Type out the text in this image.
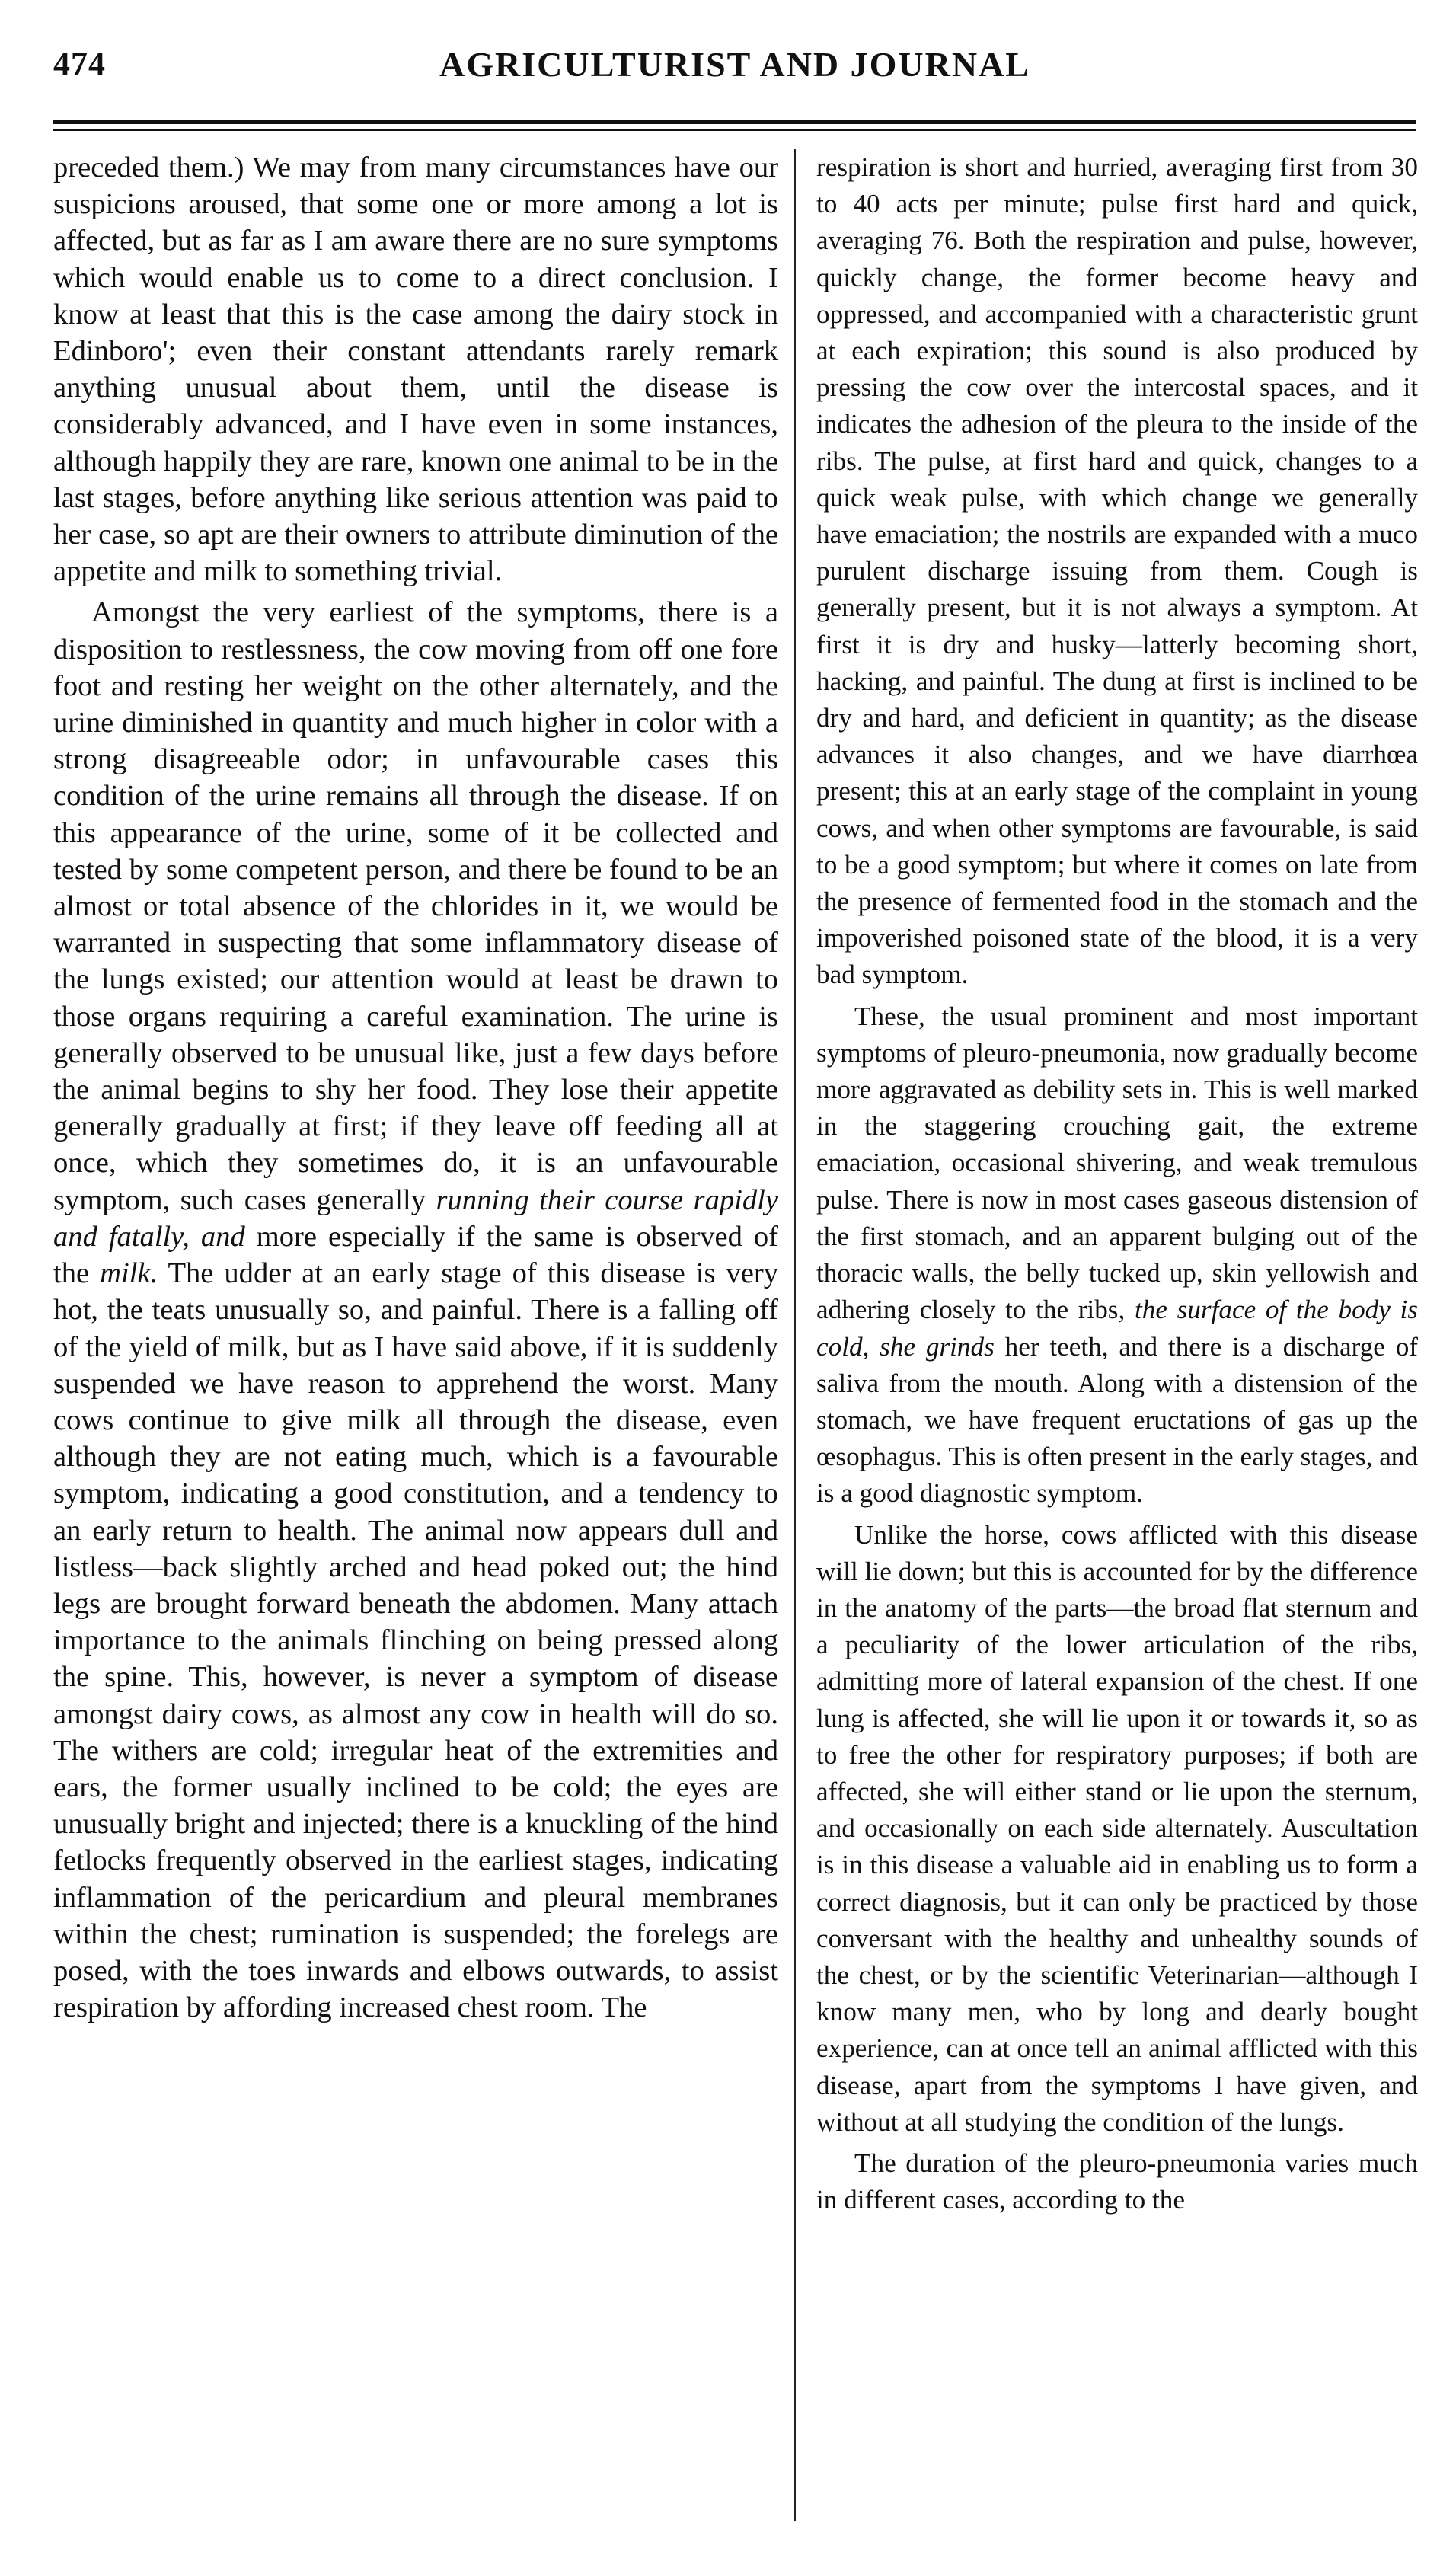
474	AGRICULTURIST AND JOURNAL

preceded them.) We may from many circumstances have our suspicions aroused, that some one or more among a lot is affected, but as far as I am aware there are no sure symptoms which would enable us to come to a direct conclusion. I know at least that this is the case among the dairy stock in Edinboro'; even their constant attendants rarely remark anything unusual about them, until the disease is considerably advanced, and I have even in some instances, although happily they are rare, known one animal to be in the last stages, before anything like serious attention was paid to her case, so apt are their owners to attribute diminution of the appetite and milk to something trivial.

Amongst the very earliest of the symptoms, there is a disposition to restlessness, the cow moving from off one fore foot and resting her weight on the other alternately, and the urine diminished in quantity and much higher in color with a strong disagreeable odor; in unfavourable cases this condition of the urine remains all through the disease. If on this appearance of the urine, some of it be collected and tested by some competent person, and there be found to be an almost or total absence of the chlorides in it, we would be warranted in suspecting that some inflammatory disease of the lungs existed; our attention would at least be drawn to those organs requiring a careful examination. The urine is generally observed to be unusual like, just a few days before the animal begins to shy her food. They lose their appetite generally gradually at first; if they leave off feeding all at once, which they sometimes do, it is an unfavourable symptom, such cases generally running their course rapidly and fatally, and more especially if the same is observed of the milk. The udder at an early stage of this disease is very hot, the teats unusually so, and painful. There is a falling off of the yield of milk, but as I have said above, if it is suddenly suspended we have reason to apprehend the worst. Many cows continue to give milk all through the disease, even although they are not eating much, which is a favourable symptom, indicating a good constitution, and a tendency to an early return to health. The animal now appears dull and listless—back slightly arched and head poked out; the hind legs are brought forward beneath the abdomen. Many attach importance to the animals flinching on being pressed along the spine. This, however, is never a symptom of disease amongst dairy cows, as almost any cow in health will do so. The withers are cold; irregular heat of the extremities and ears, the former usually inclined to be cold; the eyes are unusually bright and injected; there is a knuckling of the hind fetlocks frequently observed in the earliest stages, indicating inflammation of the pericardium and pleural membranes within the chest; rumination is suspended; the forelegs are posed, with the toes inwards and elbows outwards, to assist respiration by affording increased chest room. The

respiration is short and hurried, averaging first from 30 to 40 acts per minute; pulse first hard and quick, averaging 76. Both the respiration and pulse, however, quickly change, the former become heavy and oppressed, and accompanied with a characteristic grunt at each expiration; this sound is also produced by pressing the cow over the intercostal spaces, and it indicates the adhesion of the pleura to the inside of the ribs. The pulse, at first hard and quick, changes to a quick weak pulse, with which change we generally have emaciation; the nostrils are expanded with a muco purulent discharge issuing from them. Cough is generally present, but it is not always a symptom. At first it is dry and husky—latterly becoming short, hacking, and painful. The dung at first is inclined to be dry and hard, and deficient in quantity; as the disease advances it also changes, and we have diarrhœa present; this at an early stage of the complaint in young cows, and when other symptoms are favourable, is said to be a good symptom; but where it comes on late from the presence of fermented food in the stomach and the impoverished poisoned state of the blood, it is a very bad symptom.

These, the usual prominent and most important symptoms of pleuro-pneumonia, now gradually become more aggravated as debility sets in. This is well marked in the staggering crouching gait, the extreme emaciation, occasional shivering, and weak tremulous pulse. There is now in most cases gaseous distension of the first stomach, and an apparent bulging out of the thoracic walls, the belly tucked up, skin yellowish and adhering closely to the ribs, the surface of the body is cold, she grinds her teeth, and there is a discharge of saliva from the mouth. Along with a distension of the stomach, we have frequent eructations of gas up the œsophagus. This is often present in the early stages, and is a good diagnostic symptom.

Unlike the horse, cows afflicted with this disease will lie down; but this is accounted for by the difference in the anatomy of the parts—the broad flat sternum and a peculiarity of the lower articulation of the ribs, admitting more of lateral expansion of the chest. If one lung is affected, she will lie upon it or towards it, so as to free the other for respiratory purposes; if both are affected, she will either stand or lie upon the sternum, and occasionally on each side alternately. Auscultation is in this disease a valuable aid in enabling us to form a correct diagnosis, but it can only be practiced by those conversant with the healthy and unhealthy sounds of the chest, or by the scientific Veterinarian—although I know many men, who by long and dearly bought experience, can at once tell an animal afflicted with this disease, apart from the symptoms I have given, and without at all studying the condition of the lungs.

The duration of the pleuro-pneumonia varies much in different cases, according to the
